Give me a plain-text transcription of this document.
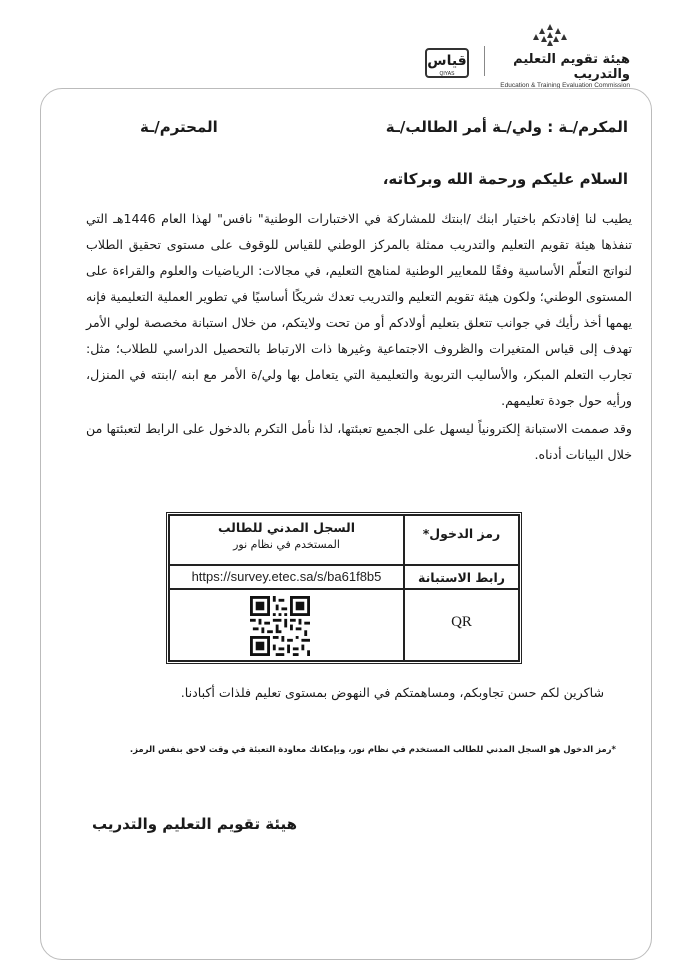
هيئة تقويم التعليم والتدريب
Education & Training Evaluation Commission
قياس
QIYAS
المكرم/ـة : ولي/ـة أمر الطالب/ـة
المحترم/ـة
السلام عليكم ورحمة الله وبركاته،

يطيب لنا إفادتكم باختيار ابنك /ابنتك للمشاركة في الاختبارات الوطنية" نافس" لهذا العام 1446هـ التي تنفذها هيئة تقويم التعليم والتدريب ممثلة بالمركز الوطني للقياس للوقوف على مستوى تحقيق الطلاب لنواتج التعلّم الأساسية وفقًا للمعايير الوطنية لمناهج التعليم، في مجالات: الرياضيات والعلوم والقراءة على المستوى الوطني؛ ولكون هيئة تقويم التعليم والتدريب تعدك شريكًا أساسيًا في تطوير العملية التعليمية فإنه يهمها أخذ رأيك في جوانب تتعلق بتعليم أولادكم أو من تحت ولايتكم، من خلال استبانة مخصصة لولي الأمر تهدف إلى قياس المتغيرات والظروف الاجتماعية وغيرها ذات الارتباط بالتحصيل الدراسي للطلاب؛ مثل: تجارب التعلم المبكر، والأساليب التربوية والتعليمية التي يتعامل بها ولي/ة الأمر مع ابنه /ابنته في المنزل، ورأيه حول جودة تعليمهم.

وقد صممت الاستبانة إلكترونياً ليسهل على الجميع تعبئتها، لذا نأمل التكرم بالدخول على الرابط لتعبئتها من خلال البيانات أدناه.

رمز الدخول*
السجل المدني للطالب
المستخدم في نظام نور
رابط الاستبانة
https://survey.etec.sa/s/ba61f8b5
QR
شاكرين لكم حسن تجاوبكم، ومساهمتكم في النهوض بمستوى تعليم فلذات أكبادنا.
*رمز الدخول هو السجل المدني للطالب المستخدم في نظام نور، وبإمكانك معاودة التعبئة في وقت لاحق بنفس الرمز.
هيئة تقويم التعليم والتدريب
